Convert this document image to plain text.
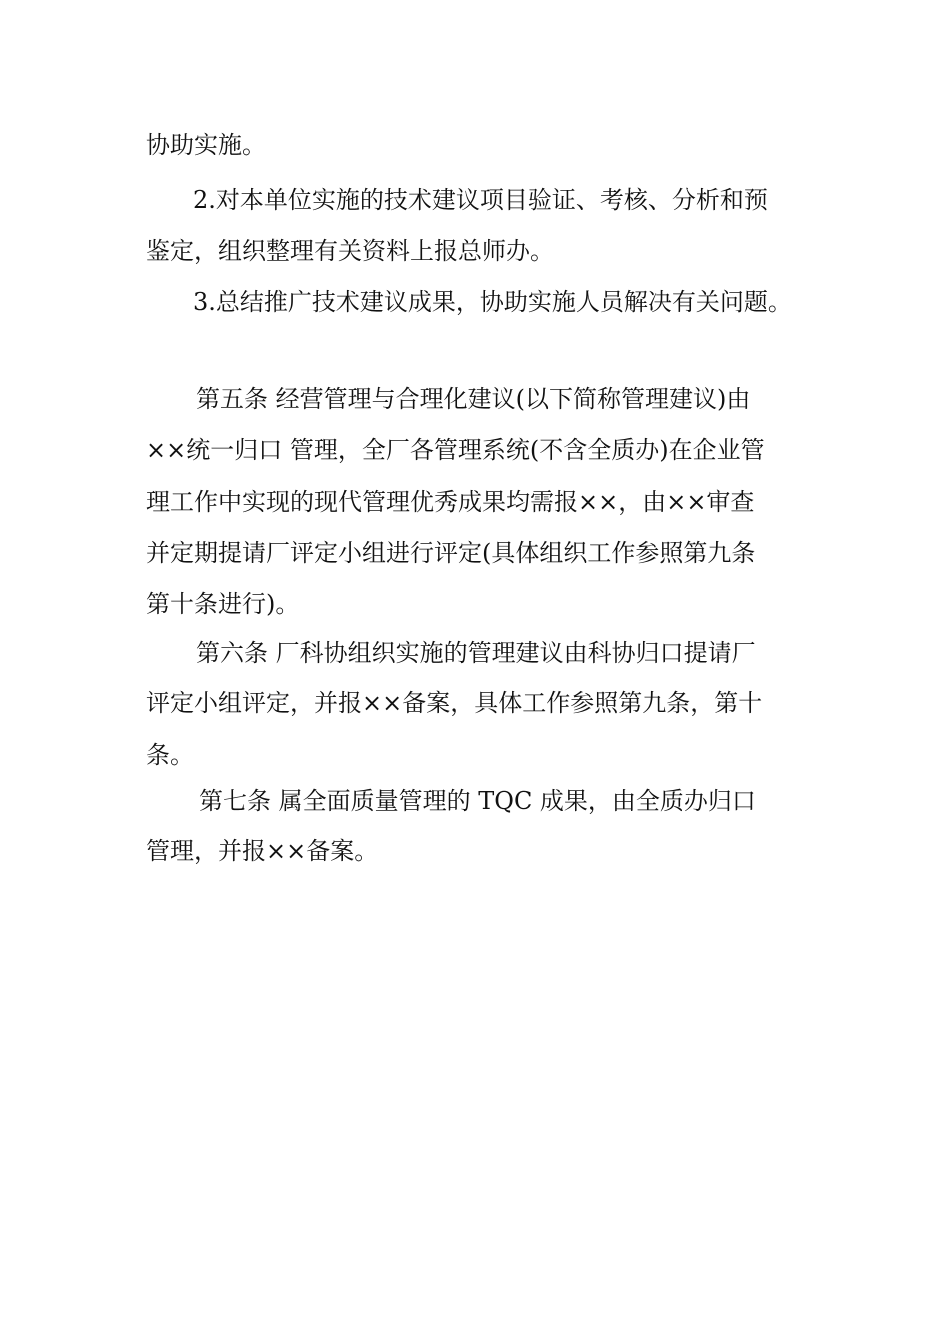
协助实施。
2.对本单位实施的技术建议项目验证、考核、分析和预
鉴定，组织整理有关资料上报总师办。
3.总结推广技术建议成果，协助实施人员解决有关问题。
第五条 经营管理与合理化建议(以下简称管理建议)由
××统一归口 管理，全厂各管理系统(不含全质办)在企业管
理工作中实现的现代管理优秀成果均需报××，由××审查
并定期提请厂评定小组进行评定(具体组织工作参照第九条
第十条进行)。
第六条 厂科协组织实施的管理建议由科协归口提请厂
评定小组评定，并报××备案，具体工作参照第九条，第十
条。
第七条 属全面质量管理的 TQC 成果，由全质办归口
管理，并报××备案。
